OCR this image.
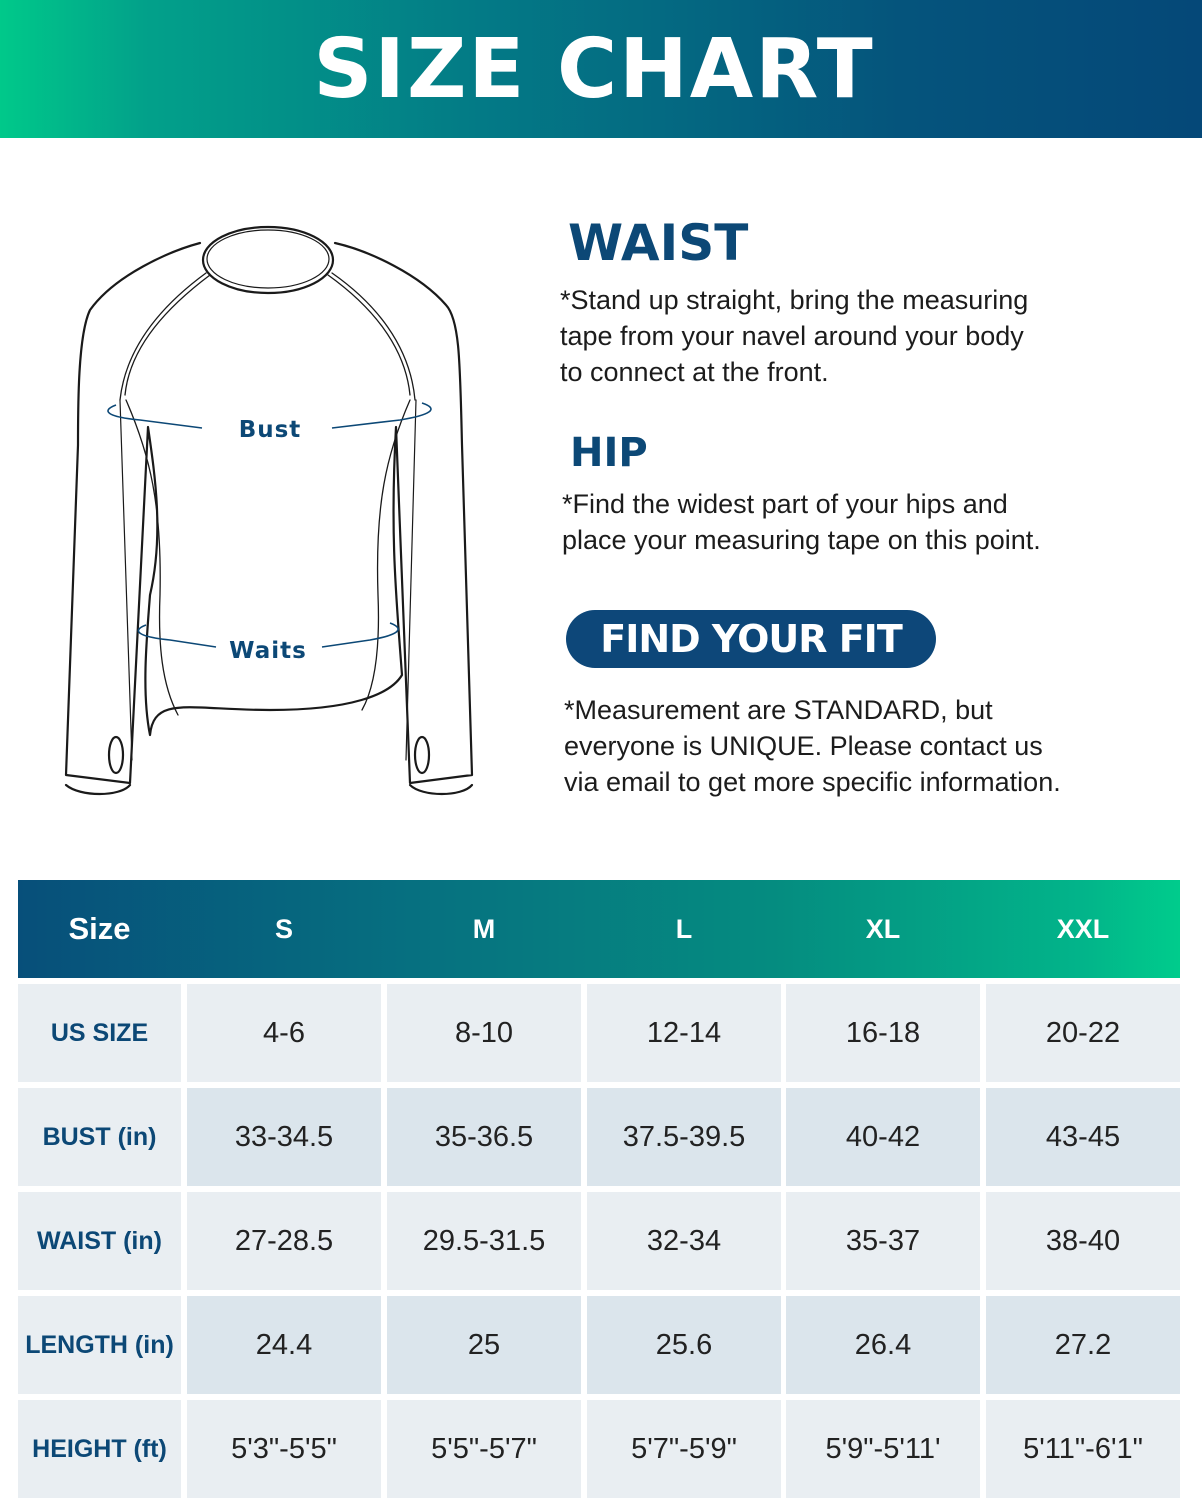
SIZE CHART
Bust
Waits
WAIST
*Stand up straight, bring the measuring
tape from your navel around your body
to connect at the front.
HIP
*Find the widest part of your hips and
place your measuring tape on this point.
FIND YOUR FIT
*Measurement are STANDARD, but
everyone is UNIQUE. Please contact us
via email to get more specific information.
Size	S	M	L	XL	XXL
US SIZE	4-6	8-10	12-14	16-18	20-22
BUST (in)	33-34.5	35-36.5	37.5-39.5	40-42	43-45
WAIST (in)	27-28.5	29.5-31.5	32-34	35-37	38-40
LENGTH (in)	24.4	25	25.6	26.4	27.2
HEIGHT (ft)	5'3"-5'5"	5'5"-5'7"	5'7"-5'9"	5'9"-5'11'	5'11"-6'1"
